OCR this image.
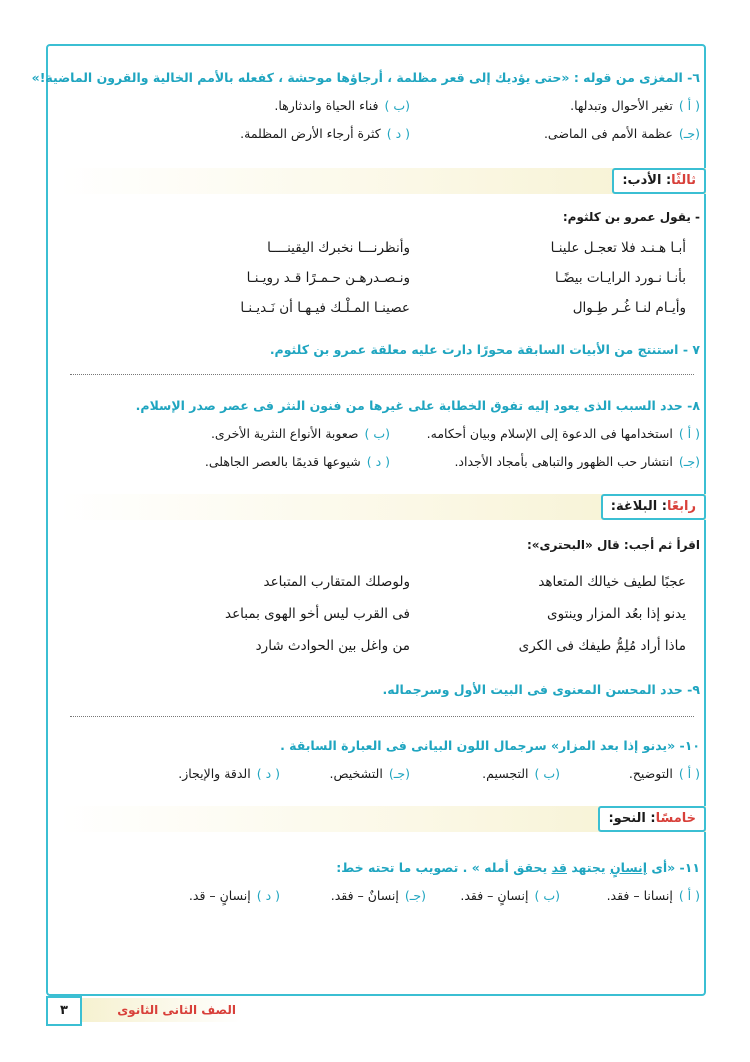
٦- المغزى من قوله : «حتى يؤديك إلى قعر مظلمة ، أرجاؤها موحشة ، كفعله بالأمم الخالية والقرون الماضية!»
( أ )تغير الأحوال وتبدلها.
(ب )فناء الحياة واندثارها.
(جـ)عظمة الأمم فى الماضى.
( د )كثرة أرجاء الأرض المظلمة.
ثالثًا: الأدب:
- يقول عمرو بن كلثوم:
أبـا هـنـد فلا تعجـل علينـا
وأنظرنـــا نخبرك اليقينــــا
بأنـا نـورد الرايـات بيضًـا
ونـصـدرهـن حـمـرًا قـد رويـنـا
وأيـام لنـا غُـر طِـوال
عصينـا المـلْـك فيـهـا أن نَـديـنـا
٧ - استنتج من الأبيات السابقة محورًا دارت عليه معلقة عمرو بن كلثوم.
٨- حدد السبب الذى يعود إليه تفوق الخطابة على غيرها من فنون النثر فى عصر صدر الإسلام.
( أ )استخدامها فى الدعوة إلى الإسلام وبيان أحكامه.
(ب )صعوبة الأنواع النثرية الأخرى.
(جـ)انتشار حب الظهور والتباهى بأمجاد الأجداد.
( د )شيوعها قديمًا بالعصر الجاهلى.
رابعًا: البلاغة:
اقرأ ثم أجب: قال «البحترى»:
عجبًا لطيف خيالك المتعاهد
ولوصلك المتقارب المتباعد
يدنو إذا بعُد المزار وينتوى
فى القرب ليس أخو الهوى بمباعد
ماذا أراد مُلِمُّ طيفك فى الكرى
من واغل بين الحوادث شارد
٩- حدد المحسن المعنوى فى البيت الأول وسرجماله.
١٠- «يدنو إذا بعد المزار» سرجمال اللون البيانى فى العبارة السابقة .
( أ )التوضيح.
(ب )التجسيم.
(جـ)التشخيص.
( د )الدقة والإيجاز.
خامسًا: النحو:
١١- «أى إنسانٍ يجتهد قد يحقق أمله » . تصويب ما تحته خط:
( أ )إنسانا – فقد.
(ب )إنسانٍ – فقد.
(جـ)إنسانٌ – فقد.
( د )إنسانٍ – قد.
٣	الصف الثانى الثانوى
